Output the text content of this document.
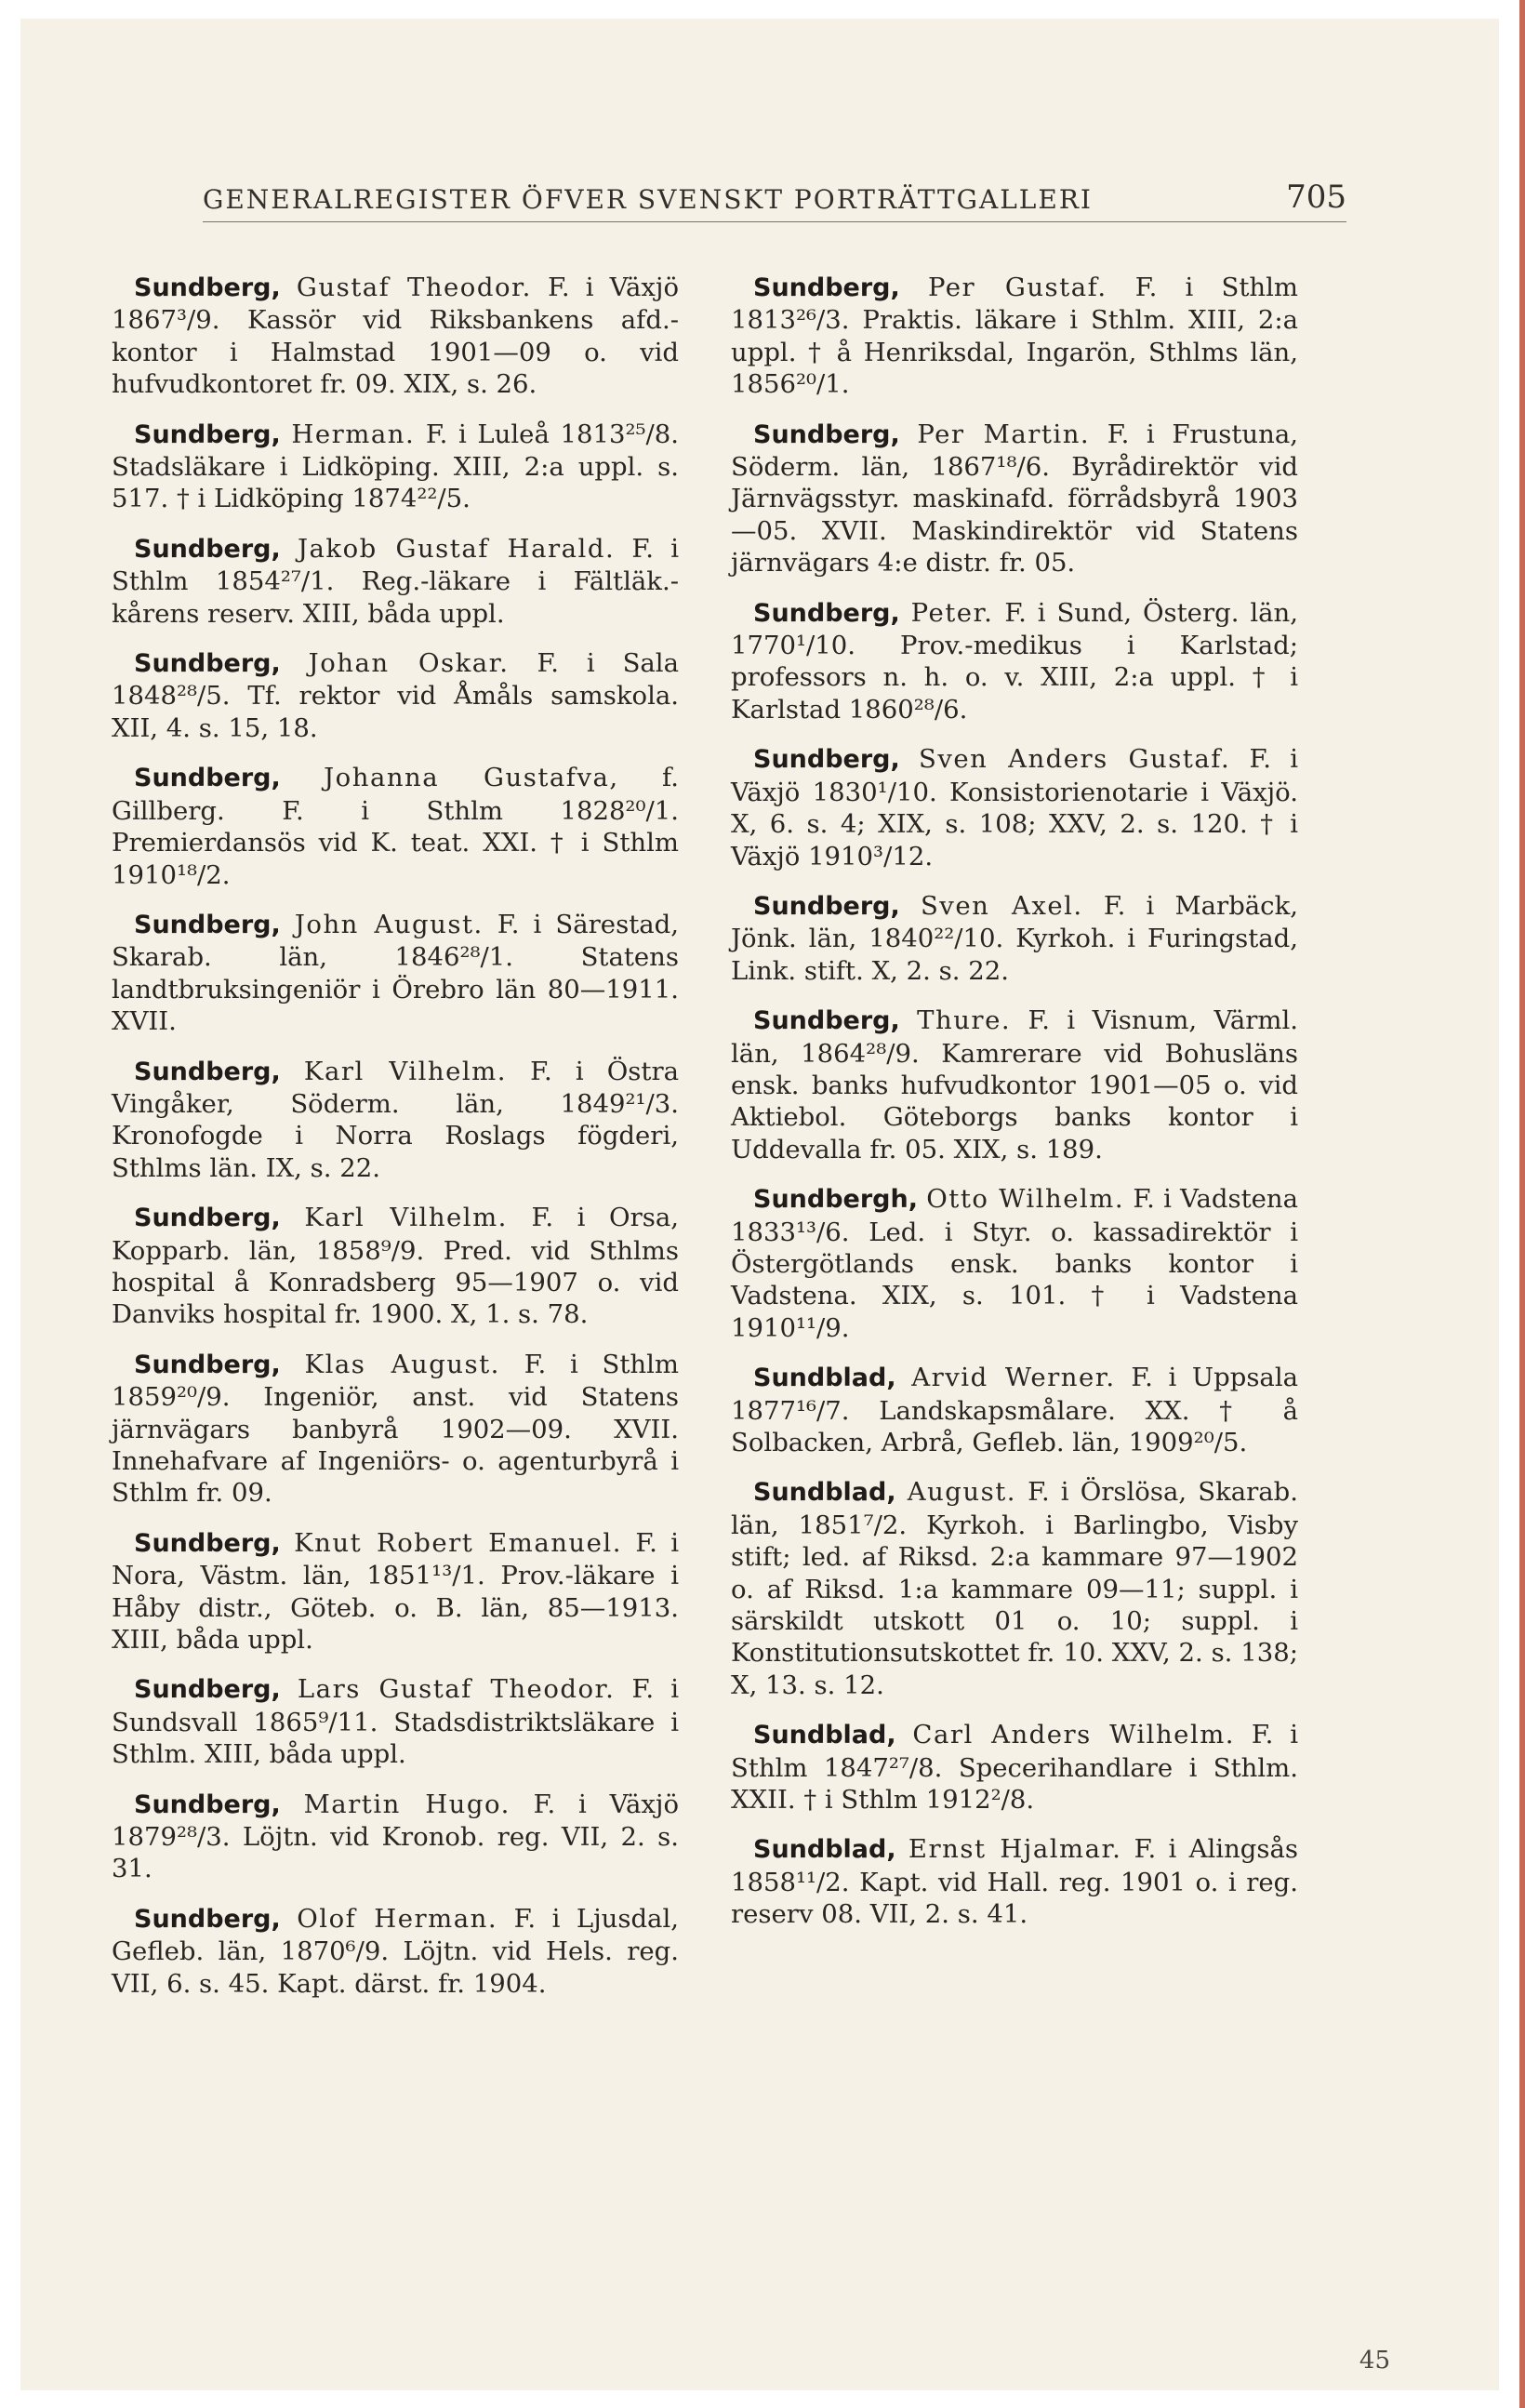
GENERALREGISTER ÖFVER SVENSKT PORTRÄTTGALLERI	705

Sundberg, Gustaf Theodor. F. i Växjö 1867³/9. Kassör vid Riksbankens afd.-kontor i Halmstad 1901—09 o. vid hufvudkontoret fr. 09. XIX, s. 26.

Sundberg, Herman. F. i Luleå 1813²⁵/8. Stadsläkare i Lidköping. XIII, 2:a uppl. s. 517. † i Lidköping 1874²²/5.

Sundberg, Jakob Gustaf Harald. F. i Sthlm 1854²⁷/1. Reg.-läkare i Fältläk.-kårens reserv. XIII, båda uppl.

Sundberg, Johan Oskar. F. i Sala 1848²⁸/5. Tf. rektor vid Åmåls samskola. XII, 4. s. 15, 18.

Sundberg, Johanna Gustafva, f. Gillberg. F. i Sthlm 1828²⁰/1. Premierdansös vid K. teat. XXI. † i Sthlm 1910¹⁸/2.

Sundberg, John August. F. i Särestad, Skarab. län, 1846²⁸/1. Statens landtbruksingeniör i Örebro län 80—1911. XVII.

Sundberg, Karl Vilhelm. F. i Östra Vingåker, Söderm. län, 1849²¹/3. Kronofogde i Norra Roslags fögderi, Sthlms län. IX, s. 22.

Sundberg, Karl Vilhelm. F. i Orsa, Kopparb. län, 1858⁹/9. Pred. vid Sthlms hospital å Konradsberg 95—1907 o. vid Danviks hospital fr. 1900. X, 1. s. 78.

Sundberg, Klas August. F. i Sthlm 1859²⁰/9. Ingeniör, anst. vid Statens järnvägars banbyrå 1902—09. XVII. Innehafvare af Ingeniörs- o. agenturbyrå i Sthlm fr. 09.

Sundberg, Knut Robert Emanuel. F. i Nora, Västm. län, 1851¹³/1. Prov.-läkare i Håby distr., Göteb. o. B. län, 85—1913. XIII, båda uppl.

Sundberg, Lars Gustaf Theodor. F. i Sundsvall 1865⁹/11. Stadsdistriktsläkare i Sthlm. XIII, båda uppl.

Sundberg, Martin Hugo. F. i Växjö 1879²⁸/3. Löjtn. vid Kronob. reg. VII, 2. s. 31.

Sundberg, Olof Herman. F. i Ljusdal, Gefleb. län, 1870⁶/9. Löjtn. vid Hels. reg. VII, 6. s. 45. Kapt. därst. fr. 1904.

Sundberg, Per Gustaf. F. i Sthlm 1813²⁶/3. Praktis. läkare i Sthlm. XIII, 2:a uppl. † å Henriksdal, Ingarön, Sthlms län, 1856²⁰/1.

Sundberg, Per Martin. F. i Frustuna, Söderm. län, 1867¹⁸/6. Byrådirektör vid Järnvägsstyr. maskinafd. förrådsbyrå 1903—05. XVII. Maskindirektör vid Statens järnvägars 4:e distr. fr. 05.

Sundberg, Peter. F. i Sund, Österg. län, 1770¹/10. Prov.-medikus i Karlstad; professors n. h. o. v. XIII, 2:a uppl. † i Karlstad 1860²⁸/6.

Sundberg, Sven Anders Gustaf. F. i Växjö 1830¹/10. Konsistorienotarie i Växjö. X, 6. s. 4; XIX, s. 108; XXV, 2. s. 120. † i Växjö 1910³/12.

Sundberg, Sven Axel. F. i Marbäck, Jönk. län, 1840²²/10. Kyrkoh. i Furingstad, Link. stift. X, 2. s. 22.

Sundberg, Thure. F. i Visnum, Värml. län, 1864²⁸/9. Kamrerare vid Bohusläns ensk. banks hufvudkontor 1901—05 o. vid Aktiebol. Göteborgs banks kontor i Uddevalla fr. 05. XIX, s. 189.

Sundbergh, Otto Wilhelm. F. i Vadstena 1833¹³/6. Led. i Styr. o. kassadirektör i Östergötlands ensk. banks kontor i Vadstena. XIX, s. 101. † i Vadstena 1910¹¹/9.

Sundblad, Arvid Werner. F. i Uppsala 1877¹⁶/7. Landskapsmålare. XX. † å Solbacken, Arbrå, Gefleb. län, 1909²⁰/5.

Sundblad, August. F. i Örslösa, Skarab. län, 1851⁷/2. Kyrkoh. i Barlingbo, Visby stift; led. af Riksd. 2:a kammare 97—1902 o. af Riksd. 1:a kammare 09—11; suppl. i särskildt utskott 01 o. 10; suppl. i Konstitutionsutskottet fr. 10. XXV, 2. s. 138; X, 13. s. 12.

Sundblad, Carl Anders Wilhelm. F. i Sthlm 1847²⁷/8. Specerihandlare i Sthlm. XXII. † i Sthlm 1912²/8.

Sundblad, Ernst Hjalmar. F. i Alingsås 1858¹¹/2. Kapt. vid Hall. reg. 1901 o. i reg. reserv 08. VII, 2. s. 41.

45
